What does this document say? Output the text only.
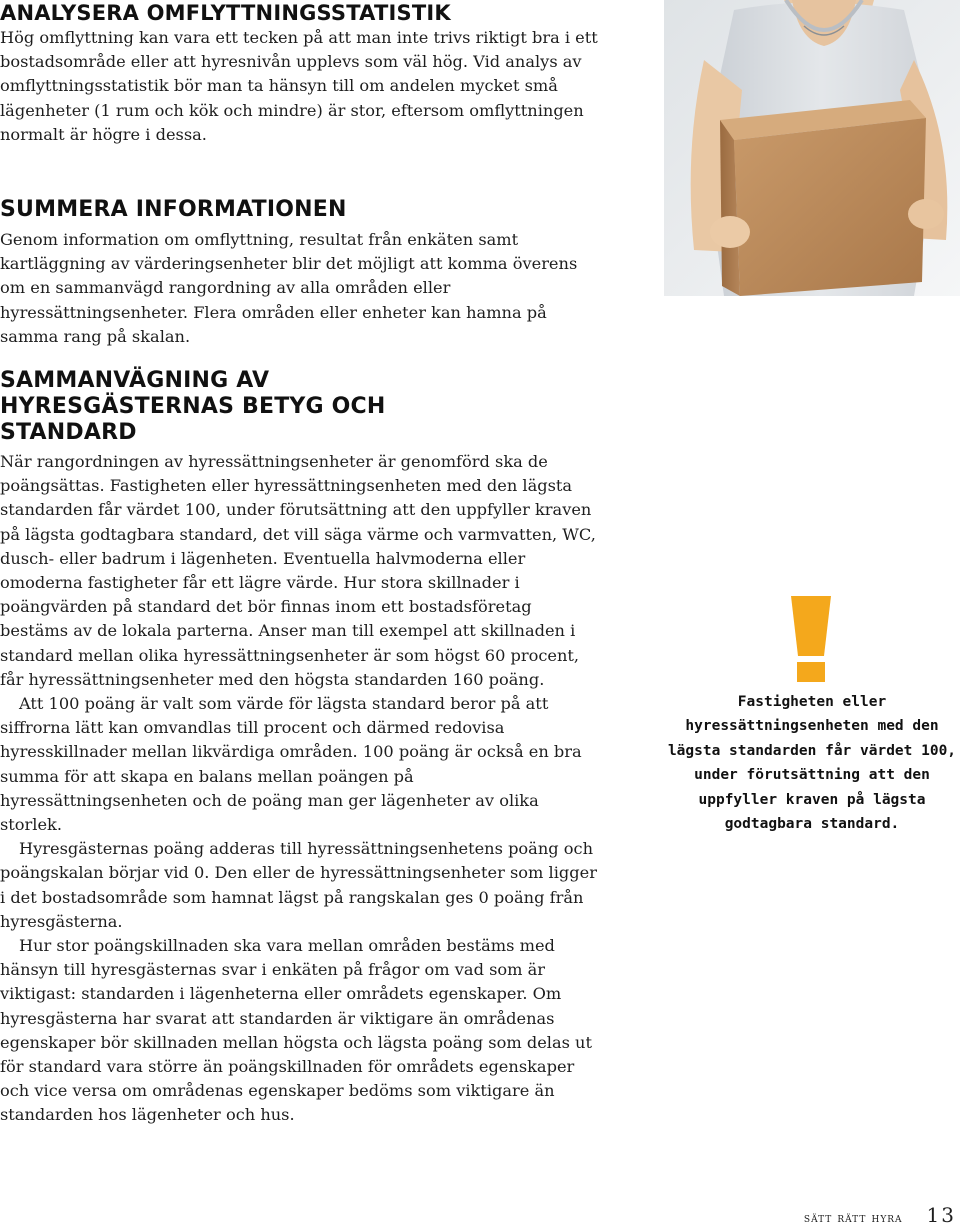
ANALYSERA OMFLYTTNINGSSTATISTIK

Hög omflyttning kan vara ett tecken på att man inte trivs riktigt bra i ett bostadsområde eller att hyresnivån upplevs som väl hög. Vid analys av omflyttningsstatistik bör man ta hänsyn till om andelen mycket små lägenheter (1 rum och kök och mindre) är stor, eftersom omflyttningen normalt är högre i dessa.

SUMMERA INFORMATIONEN

Genom information om omflyttning, resultat från enkäten samt kartläggning av värderingsenheter blir det möjligt att komma överens om en sammanvägd rangordning av alla områden eller hyressättningsenheter. Flera områden eller enheter kan hamna på samma rang på skalan.

SAMMANVÄGNING AV HYRESGÄSTERNAS BETYG OCH STANDARD

När rangordningen av hyressättningsenheter är genomförd ska de poängsättas. Fastigheten eller hyressättningsenheten med den lägsta standarden får värdet 100, under förutsättning att den uppfyller kraven på lägsta godtagbara standard, det vill säga värme och varmvatten, WC, dusch- eller badrum i lägenheten. Eventuella halvmoderna eller omoderna fastigheter får ett lägre värde. Hur stora skillnader i poängvärden på standard det bör finnas inom ett bostadsföretag bestäms av de lokala parterna. Anser man till exempel att skillnaden i standard mellan olika hyressättningsenheter är som högst 60 procent, får hyressättningsenheter med den högsta standarden 160 poäng.

Att 100 poäng är valt som värde för lägsta standard beror på att siffrorna lätt kan omvandlas till procent och därmed redovisa hyresskillnader mellan likvärdiga områden. 100 poäng är också en bra summa för att skapa en balans mellan poängen på hyressättningsenheten och de poäng man ger lägenheter av olika storlek.

Hyresgästernas poäng adderas till hyressättningsenhetens poäng och poängskalan börjar vid 0. Den eller de hyressättningsenheter som ligger i det bostadsområde som hamnat lägst på rangskalan ges 0 poäng från hyresgästerna.

Hur stor poängskillnaden ska vara mellan områden bestäms med hänsyn till hyresgästernas svar i enkäten på frågor om vad som är viktigast: standarden i lägenheterna eller områdets egenskaper. Om hyresgästerna har svarat att standarden är viktigare än områdenas egenskaper bör skillnaden mellan högsta och lägsta poäng som delas ut för standard vara större än poängskillnaden för områdets egenskaper och vice versa om områdenas egenskaper bedöms som viktigare än standarden hos lägenheter och hus.

Fastigheten eller hyressättningsenheten med den lägsta standarden får värdet 100, under förutsättning att den uppfyller kraven på lägsta godtagbara standard.

sätt rätt hyra 13
